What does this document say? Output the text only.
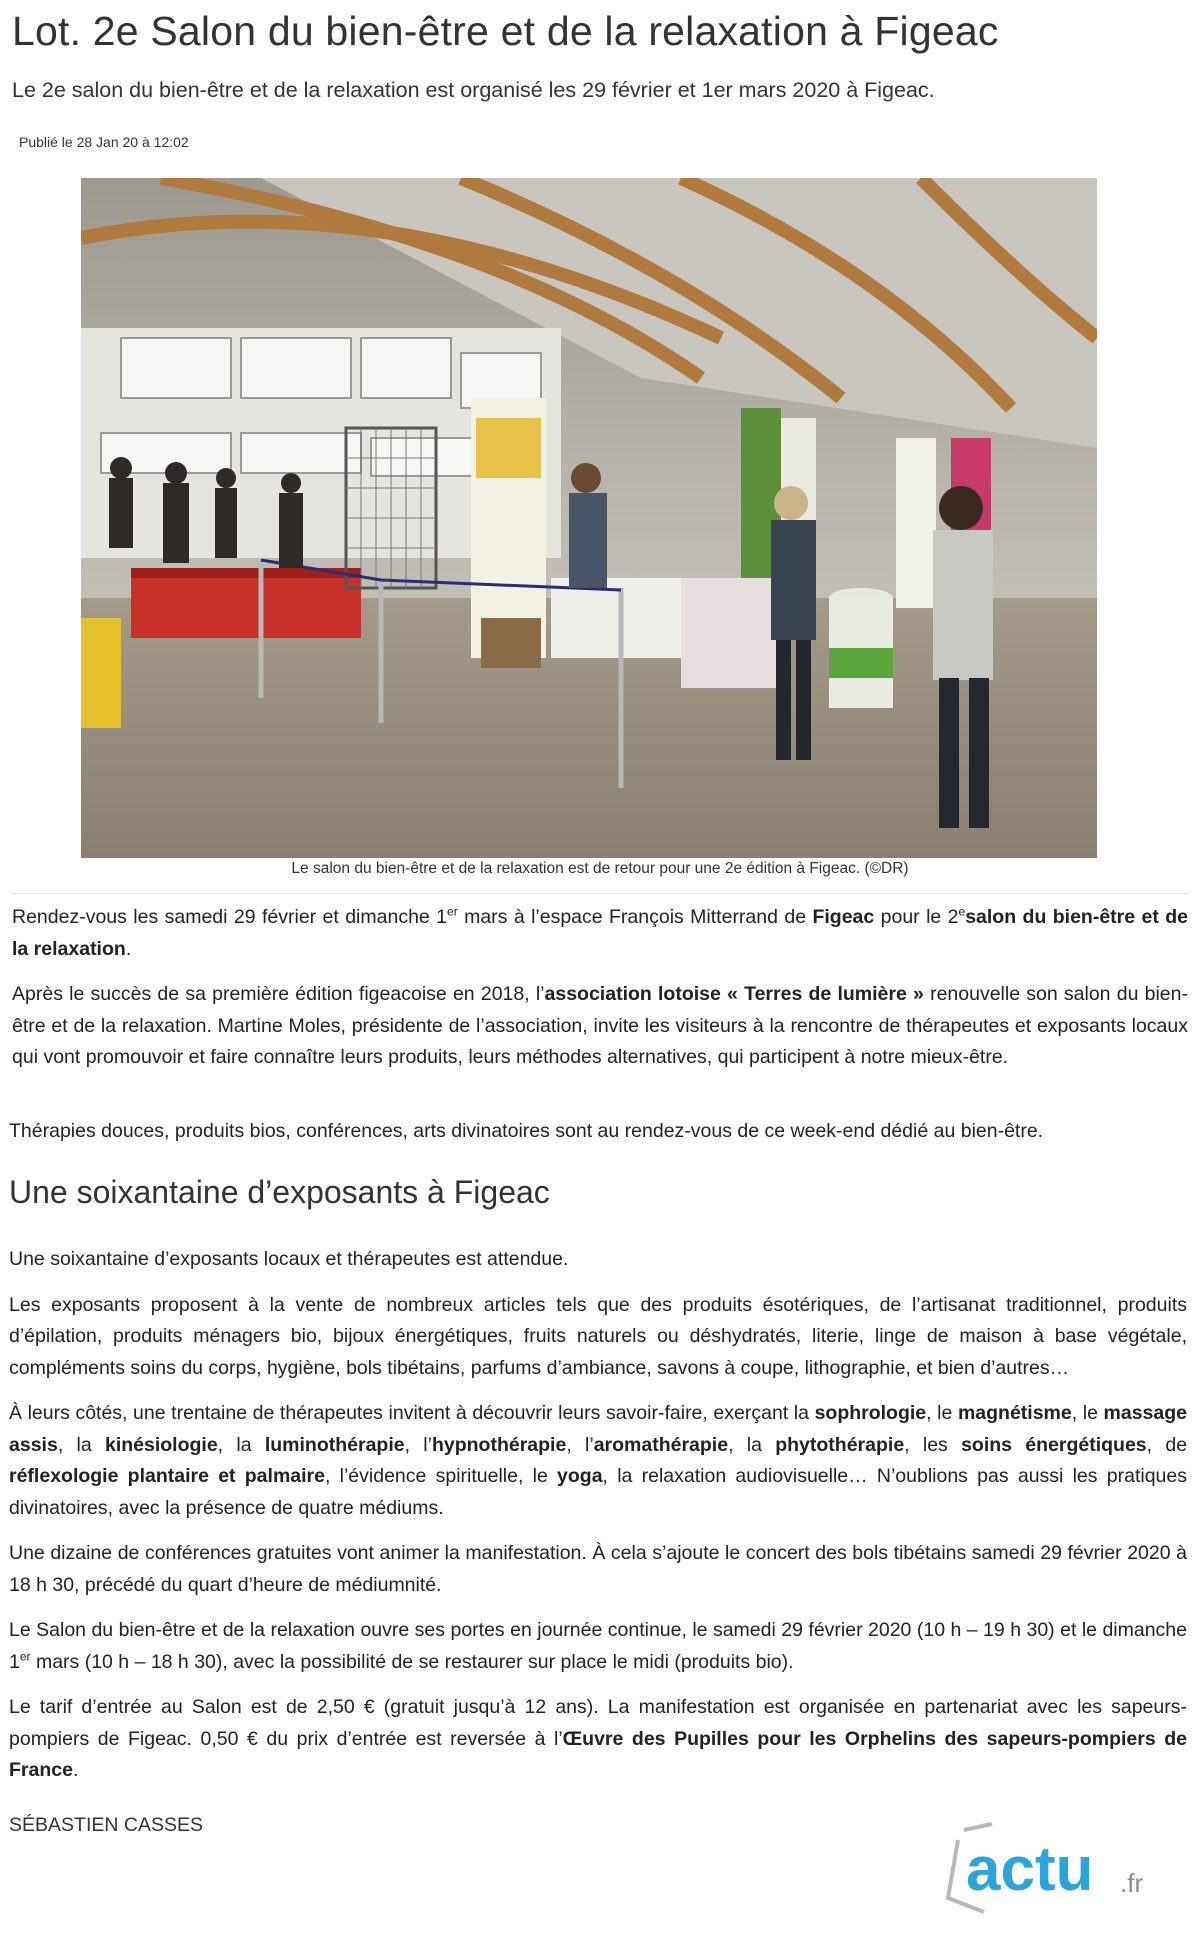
Lot. 2e Salon du bien-être et de la relaxation à Figeac

Le 2e salon du bien-être et de la relaxation est organisé les 29 février et 1er mars 2020 à Figeac.

Publié le 28 Jan 20 à 12:02
Le salon du bien-être et de la relaxation est de retour pour une 2e édition à Figeac. (©DR)

Rendez-vous les samedi 29 février et dimanche 1er mars à l’espace François Mitterrand de Figeac pour le 2esalon du bien-être et de la relaxation.

Après le succès de sa première édition figeacoise en 2018, l’association lotoise « Terres de lumière » renouvelle son salon du bien-être et de la relaxation. Martine Moles, présidente de l’association, invite les visiteurs à la rencontre de thérapeutes et exposants locaux qui vont promouvoir et faire connaître leurs produits, leurs méthodes alternatives, qui participent à notre mieux-être.

Thérapies douces, produits bios, conférences, arts divinatoires sont au rendez-vous de ce week-end dédié au bien-être.
Une soixantaine d’exposants à Figeac

Une soixantaine d’exposants locaux et thérapeutes est attendue.

Les exposants proposent à la vente de nombreux articles tels que des produits ésotériques, de l’artisanat traditionnel, produits d’épilation, produits ménagers bio, bijoux énergétiques, fruits naturels ou déshydratés, literie, linge de maison à base végétale, compléments soins du corps, hygiène, bols tibétains, parfums d’ambiance, savons à coupe, lithographie, et bien d’autres…

À leurs côtés, une trentaine de thérapeutes invitent à découvrir leurs savoir-faire, exerçant la sophrologie, le magnétisme, le massage assis, la kinésiologie, la luminothérapie, l’hypnothérapie, l’aromathérapie, la phytothérapie, les soins énergétiques, de réflexologie plantaire et palmaire, l’évidence spirituelle, le yoga, la relaxation audiovisuelle… N’oublions pas aussi les pratiques divinatoires, avec la présence de quatre médiums.

Une dizaine de conférences gratuites vont animer la manifestation. À cela s’ajoute le concert des bols tibétains samedi 29 février 2020 à 18 h 30, précédé du quart d’heure de médiumnité.

Le Salon du bien-être et de la relaxation ouvre ses portes en journée continue, le samedi 29 février 2020 (10 h – 19 h 30) et le dimanche 1er mars (10 h – 18 h 30), avec la possibilité de se restaurer sur place le midi (produits bio).

Le tarif d’entrée au Salon est de 2,50 € (gratuit jusqu’à 12 ans). La manifestation est organisée en partenariat avec les sapeurs-pompiers de Figeac. 0,50 € du prix d’entrée est reversée à l’Œuvre des Pupilles pour les Orphelins des sapeurs-pompiers de France.

SÉBASTIEN CASSES
actu .fr
